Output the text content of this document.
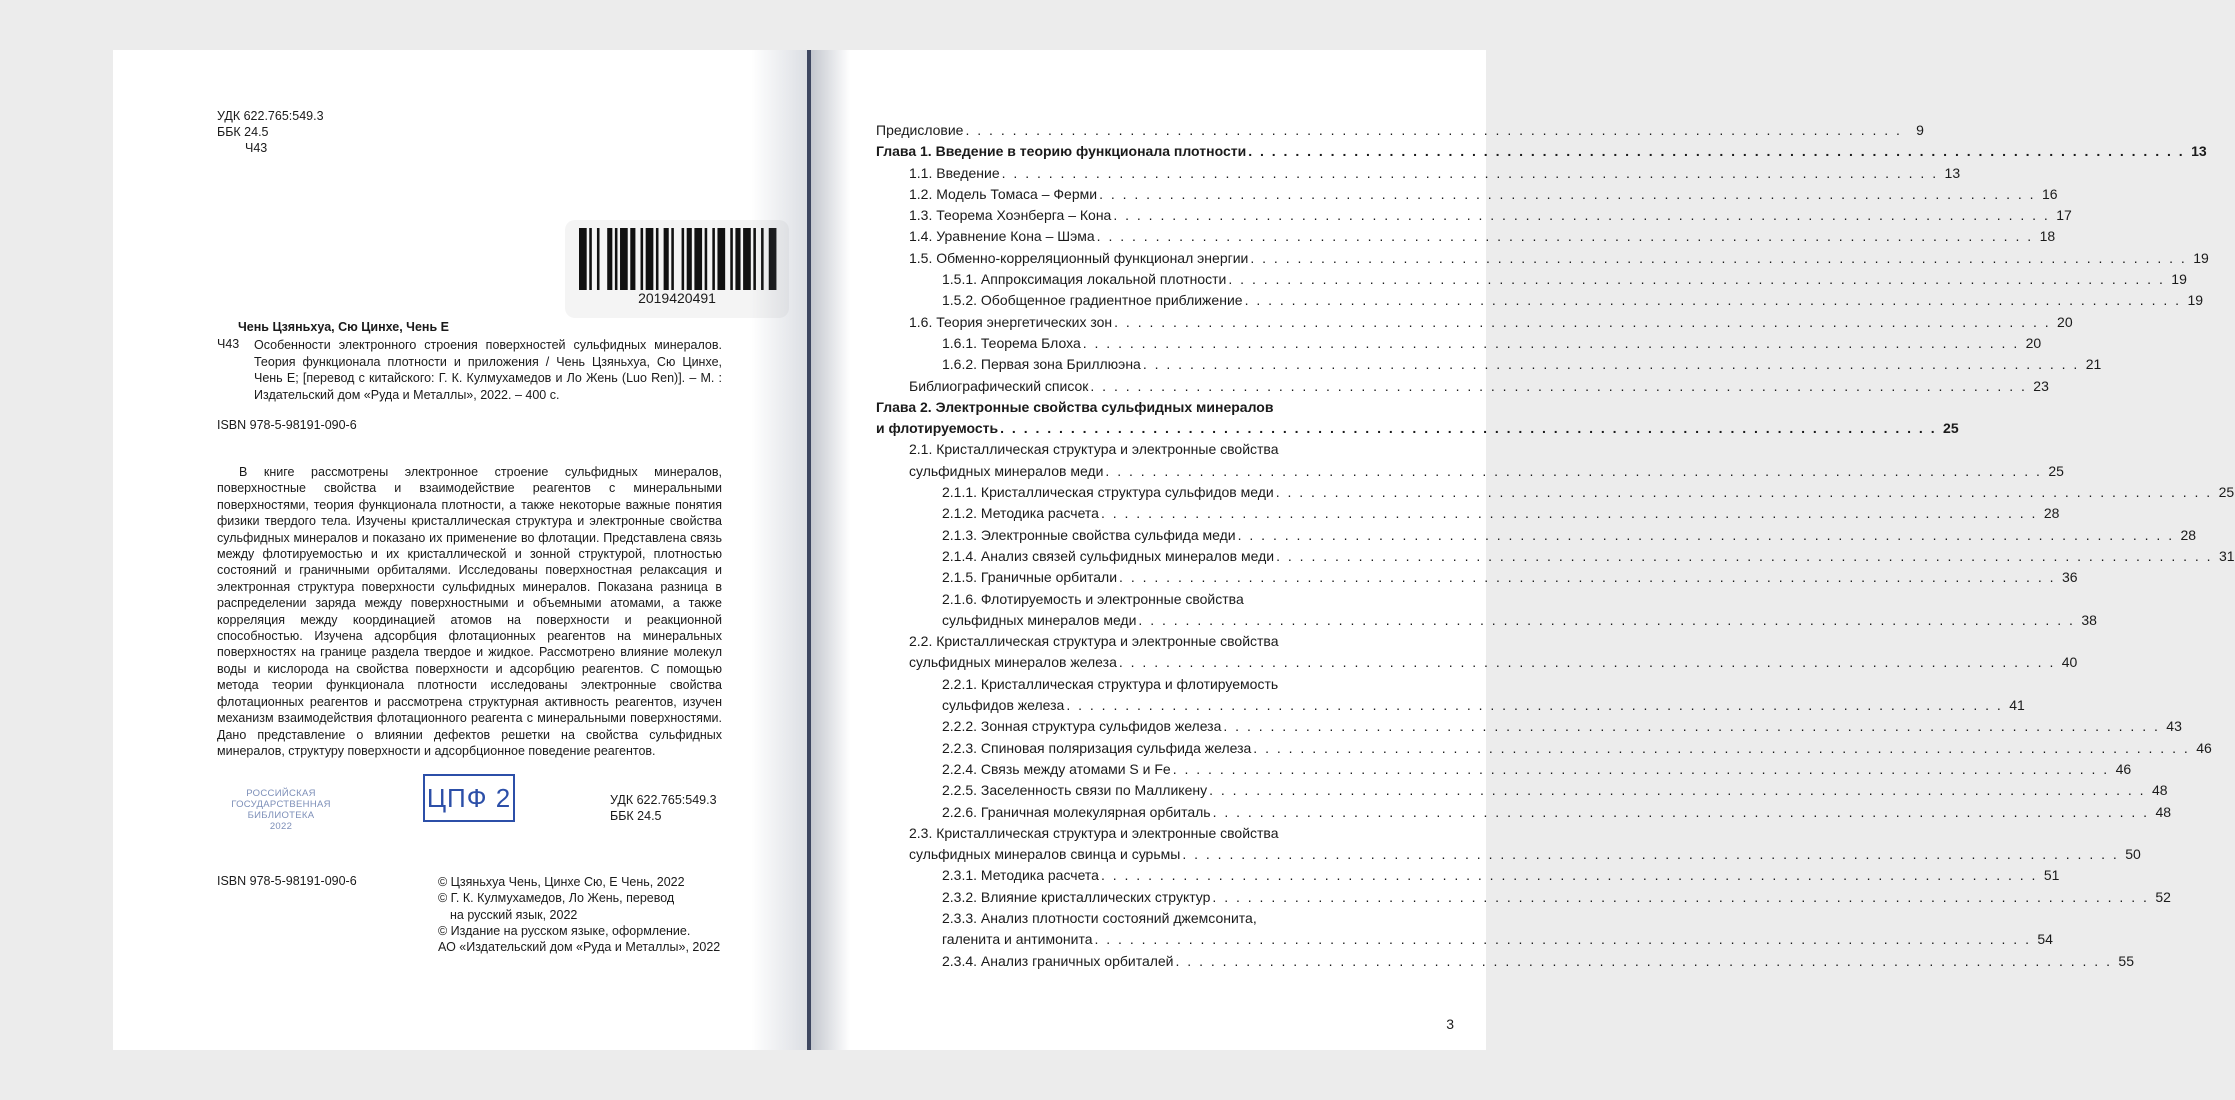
УДК 622.765:549.3
ББК 24.5
Ч43
2019420491
Чень Цзяньхуа, Сю Цинхе, Чень Е
Ч43 Особенности электронного строения поверхностей сульфидных минералов. Теория функционала плотности и приложения / Чень Цзяньхуа, Сю Цинхе, Чень Е; [перевод с китайского: Г. К. Кулмухамедов и Ло Жень (Luo Ren)]. – М. : Издательский дом «Руда и Металлы», 2022. – 400 с.
ISBN 978-5-98191-090-6
В книге рассмотрены электронное строение сульфидных минералов, поверхностные свойства и взаимодействие реагентов с минеральными поверхностями, теория функционала плотности, а также некоторые важные понятия физики твердого тела. Изучены кристаллическая структура и электронные свойства сульфидных минералов и показано их применение во флотации. Представлена связь между флотируемостью и их кристаллической и зонной структурой, плотностью состояний и граничными орбиталями. Исследованы поверхностная релаксация и электронная структура поверхности сульфидных минералов. Показана разница в распределении заряда между поверхностными и объемными атомами, а также корреляция между координацией атомов на поверхности и реакционной способностью. Изучена адсорбция флотационных реагентов на минеральных поверхностях на границе раздела твердое и жидкое. Рассмотрено влияние молекул воды и кислорода на свойства поверхности и адсорбцию реагентов. С помощью метода теории функционала плотности исследованы электронные свойства флотационных реагентов и рассмотрена структурная активность реагентов, изучен механизм взаимодействия флотационного реагента с минеральными поверхностями. Дано представление о влиянии дефектов решетки на свойства сульфидных минералов, структуру поверхности и адсорбционное поведение реагентов.
РОССИЙСКАЯ
ГОСУДАРСТВЕННАЯ
БИБЛИОТЕКА
2022
ЦПФ 2	УДК 622.765:549.3
ББК 24.5
ISBN 978-5-98191-090-6	© Цзяньхуа Чень, Цинхе Сю, Е Чень, 2022
© Г. К. Кулмухамедов, Ло Жень, перевод
на русский язык, 2022
© Издание на русском языке, оформление.
АО «Издательский дом «Руда и Металлы», 2022
Предисловие . . . . . . . . . . . . . . . . . . . . . . . . . . . . . . . . . . . . . . . . . . . . . . . . . . . . . . . . . . . . . . . . . . . . . . . . . . . . . . . .	9
Глава 1. Введение в теорию функционала плотности . . . . . . . . . . . . . . . . . . . . . . . . . . . . . . . . . . . . . . . . . . . . . . . . . . . . . . . . . . . . . . . . . . . . . . . . . . . . . . . . 13
1.1. Введение . . . . . . . . . . . . . . . . . . . . . . . . . . . . . . . . . . . . . . . . . . . . . . . . . . . . . . . . . . . . . . . . . . . . . . . . . . . . . . . . 13
1.2. Модель Томаса – Ферми . . . . . . . . . . . . . . . . . . . . . . . . . . . . . . . . . . . . . . . . . . . . . . . . . . . . . . . . . . . . . . . . . . . . . . . . . . . . . . . . 16
1.3. Теорема Хоэнберга – Кона . . . . . . . . . . . . . . . . . . . . . . . . . . . . . . . . . . . . . . . . . . . . . . . . . . . . . . . . . . . . . . . . . . . . . . . . . . . . . . . . 17
1.4. Уравнение Кона – Шэма . . . . . . . . . . . . . . . . . . . . . . . . . . . . . . . . . . . . . . . . . . . . . . . . . . . . . . . . . . . . . . . . . . . . . . . . . . . . . . . . 18
1.5. Обменно-корреляционный функционал энергии . . . . . . . . . . . . . . . . . . . . . . . . . . . . . . . . . . . . . . . . . . . . . . . . . . . . . . . . . . . . . . . . . . . . . . . . . . . . . . . . 19
1.5.1. Аппроксимация локальной плотности . . . . . . . . . . . . . . . . . . . . . . . . . . . . . . . . . . . . . . . . . . . . . . . . . . . . . . . . . . . . . . . . . . . . . . . . . . . . . . . . 19
1.5.2. Обобщенное градиентное приближение . . . . . . . . . . . . . . . . . . . . . . . . . . . . . . . . . . . . . . . . . . . . . . . . . . . . . . . . . . . . . . . . . . . . . . . . . . . . . . . . 19
1.6. Теория энергетических зон . . . . . . . . . . . . . . . . . . . . . . . . . . . . . . . . . . . . . . . . . . . . . . . . . . . . . . . . . . . . . . . . . . . . . . . . . . . . . . . . 20
1.6.1. Теорема Блоха . . . . . . . . . . . . . . . . . . . . . . . . . . . . . . . . . . . . . . . . . . . . . . . . . . . . . . . . . . . . . . . . . . . . . . . . . . . . . . . . 20
1.6.2. Первая зона Бриллюэна . . . . . . . . . . . . . . . . . . . . . . . . . . . . . . . . . . . . . . . . . . . . . . . . . . . . . . . . . . . . . . . . . . . . . . . . . . . . . . . . 21
Библиографический список . . . . . . . . . . . . . . . . . . . . . . . . . . . . . . . . . . . . . . . . . . . . . . . . . . . . . . . . . . . . . . . . . . . . . . . . . . . . . . . . 23
Глава 2. Электронные свойства сульфидных минералов
и флотируемость . . . . . . . . . . . . . . . . . . . . . . . . . . . . . . . . . . . . . . . . . . . . . . . . . . . . . . . . . . . . . . . . . . . . . . . . . . . . . . . . 25
2.1. Кристаллическая структура и электронные свойства
сульфидных минералов меди . . . . . . . . . . . . . . . . . . . . . . . . . . . . . . . . . . . . . . . . . . . . . . . . . . . . . . . . . . . . . . . . . . . . . . . . . . . . . . . . 25
2.1.1. Кристаллическая структура сульфидов меди . . . . . . . . . . . . . . . . . . . . . . . . . . . . . . . . . . . . . . . . . . . . . . . . . . . . . . . . . . . . . . . . . . . . . . . . . . . . . . . . 25
2.1.2. Методика расчета . . . . . . . . . . . . . . . . . . . . . . . . . . . . . . . . . . . . . . . . . . . . . . . . . . . . . . . . . . . . . . . . . . . . . . . . . . . . . . . . 28
2.1.3. Электронные свойства сульфида меди . . . . . . . . . . . . . . . . . . . . . . . . . . . . . . . . . . . . . . . . . . . . . . . . . . . . . . . . . . . . . . . . . . . . . . . . . . . . . . . . 28
2.1.4. Анализ связей сульфидных минералов меди . . . . . . . . . . . . . . . . . . . . . . . . . . . . . . . . . . . . . . . . . . . . . . . . . . . . . . . . . . . . . . . . . . . . . . . . . . . . . . . . 31
2.1.5. Граничные орбитали . . . . . . . . . . . . . . . . . . . . . . . . . . . . . . . . . . . . . . . . . . . . . . . . . . . . . . . . . . . . . . . . . . . . . . . . . . . . . . . . 36
2.1.6. Флотируемость и электронные свойства
сульфидных минералов меди . . . . . . . . . . . . . . . . . . . . . . . . . . . . . . . . . . . . . . . . . . . . . . . . . . . . . . . . . . . . . . . . . . . . . . . . . . . . . . . . 38
2.2. Кристаллическая структура и электронные свойства
сульфидных минералов железа . . . . . . . . . . . . . . . . . . . . . . . . . . . . . . . . . . . . . . . . . . . . . . . . . . . . . . . . . . . . . . . . . . . . . . . . . . . . . . . . 40
2.2.1. Кристаллическая структура и флотируемость
сульфидов железа . . . . . . . . . . . . . . . . . . . . . . . . . . . . . . . . . . . . . . . . . . . . . . . . . . . . . . . . . . . . . . . . . . . . . . . . . . . . . . . . 41
2.2.2. Зонная структура сульфидов железа . . . . . . . . . . . . . . . . . . . . . . . . . . . . . . . . . . . . . . . . . . . . . . . . . . . . . . . . . . . . . . . . . . . . . . . . . . . . . . . . 43
2.2.3. Спиновая поляризация сульфида железа . . . . . . . . . . . . . . . . . . . . . . . . . . . . . . . . . . . . . . . . . . . . . . . . . . . . . . . . . . . . . . . . . . . . . . . . . . . . . . . . 46
2.2.4. Связь между атомами S и Fe . . . . . . . . . . . . . . . . . . . . . . . . . . . . . . . . . . . . . . . . . . . . . . . . . . . . . . . . . . . . . . . . . . . . . . . . . . . . . . . . 46
2.2.5. Заселенность связи по Малликену . . . . . . . . . . . . . . . . . . . . . . . . . . . . . . . . . . . . . . . . . . . . . . . . . . . . . . . . . . . . . . . . . . . . . . . . . . . . . . . . 48
2.2.6. Граничная молекулярная орбиталь . . . . . . . . . . . . . . . . . . . . . . . . . . . . . . . . . . . . . . . . . . . . . . . . . . . . . . . . . . . . . . . . . . . . . . . . . . . . . . . . 48
2.3. Кристаллическая структура и электронные свойства
сульфидных минералов свинца и сурьмы . . . . . . . . . . . . . . . . . . . . . . . . . . . . . . . . . . . . . . . . . . . . . . . . . . . . . . . . . . . . . . . . . . . . . . . . . . . . . . . . 50
2.3.1. Методика расчета . . . . . . . . . . . . . . . . . . . . . . . . . . . . . . . . . . . . . . . . . . . . . . . . . . . . . . . . . . . . . . . . . . . . . . . . . . . . . . . . 51
2.3.2. Влияние кристаллических структур . . . . . . . . . . . . . . . . . . . . . . . . . . . . . . . . . . . . . . . . . . . . . . . . . . . . . . . . . . . . . . . . . . . . . . . . . . . . . . . . 52
2.3.3. Анализ плотности состояний джемсонита,
галенита и антимонита . . . . . . . . . . . . . . . . . . . . . . . . . . . . . . . . . . . . . . . . . . . . . . . . . . . . . . . . . . . . . . . . . . . . . . . . . . . . . . . . 54
2.3.4. Анализ граничных орбиталей . . . . . . . . . . . . . . . . . . . . . . . . . . . . . . . . . . . . . . . . . . . . . . . . . . . . . . . . . . . . . . . . . . . . . . . . . . . . . . . . 55
3
